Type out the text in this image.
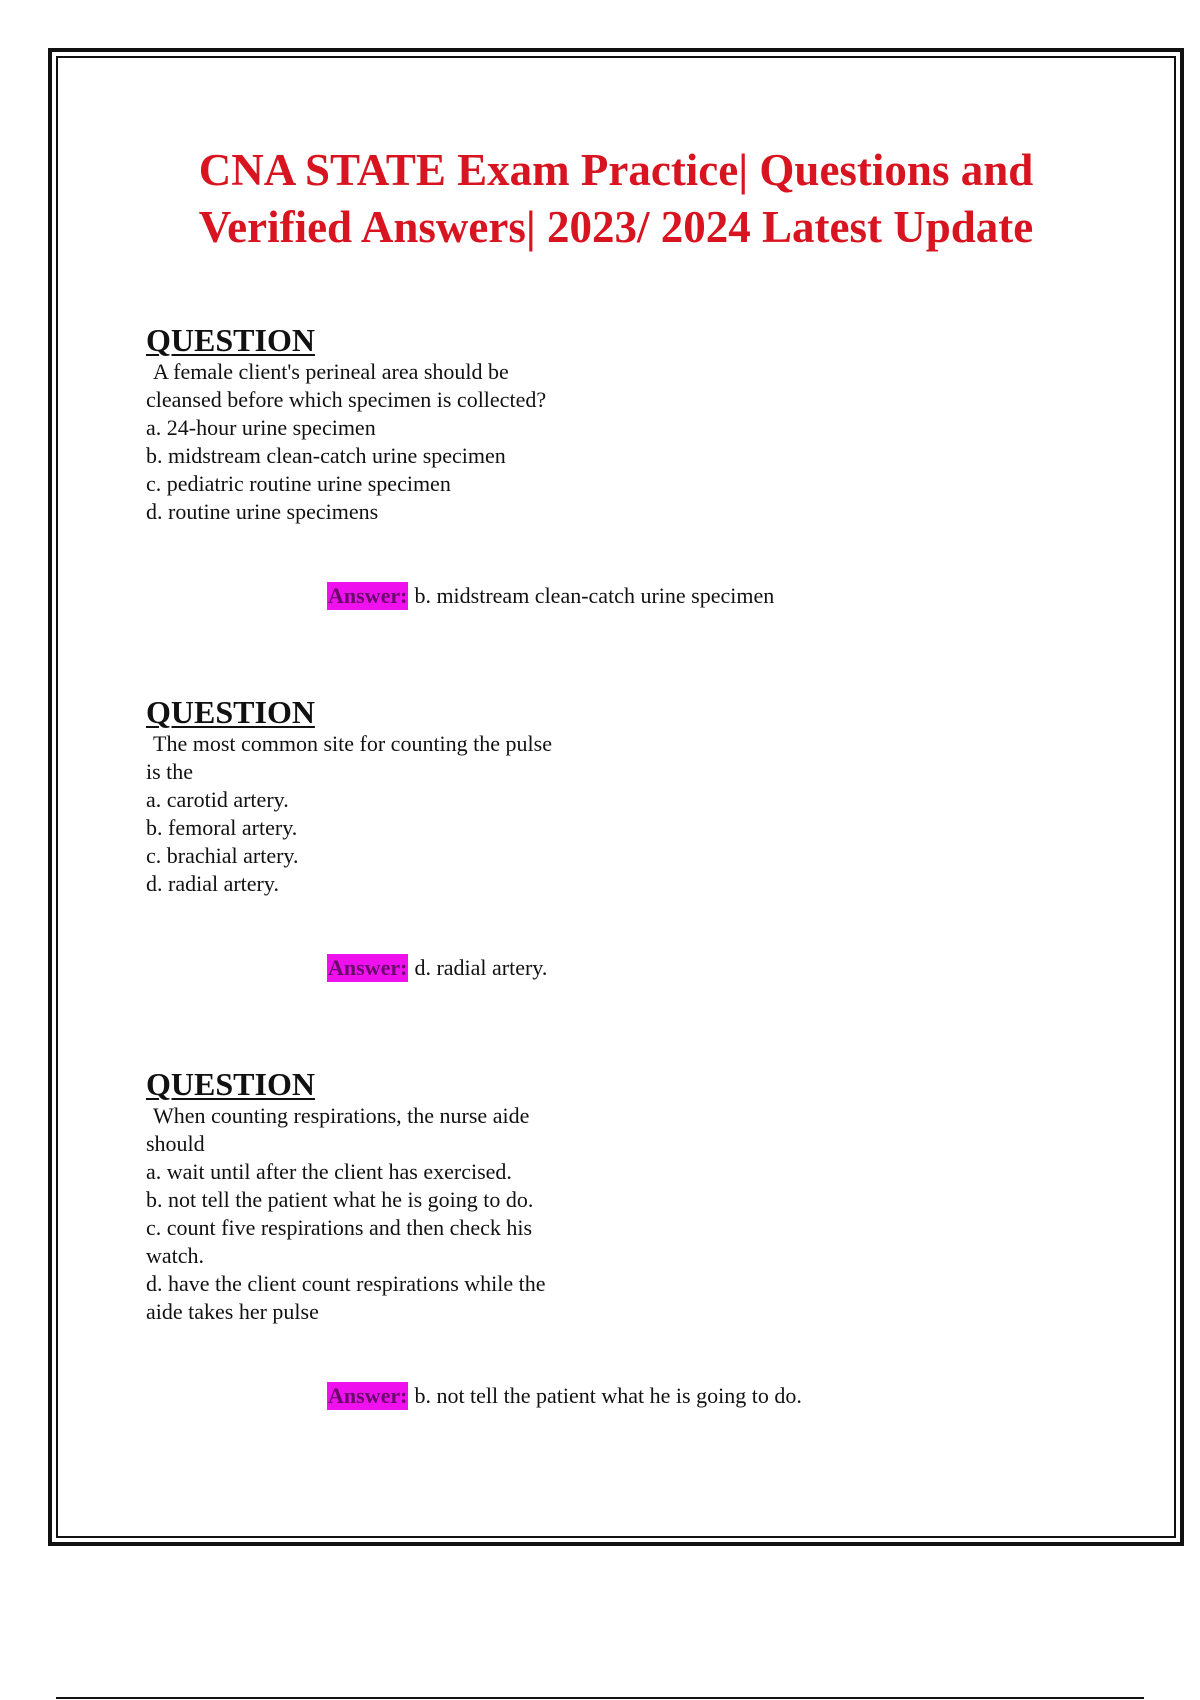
CNA STATE Exam Practice| Questions and
Verified Answers| 2023/ 2024 Latest Update
QUESTION

A female client's perineal area should be

cleansed before which specimen is collected?

a. 24-hour urine specimen

b. midstream clean-catch urine specimen

c. pediatric routine urine specimen

d. routine urine specimens

Answer: b. midstream clean-catch urine specimen
QUESTION

The most common site for counting the pulse

is the

a. carotid artery.

b. femoral artery.

c. brachial artery.

d. radial artery.

Answer: d. radial artery.
QUESTION

When counting respirations, the nurse aide

should

a. wait until after the client has exercised.

b. not tell the patient what he is going to do.

c. count five respirations and then check his

watch.

d. have the client count respirations while the

aide takes her pulse

Answer: b. not tell the patient what he is going to do.
